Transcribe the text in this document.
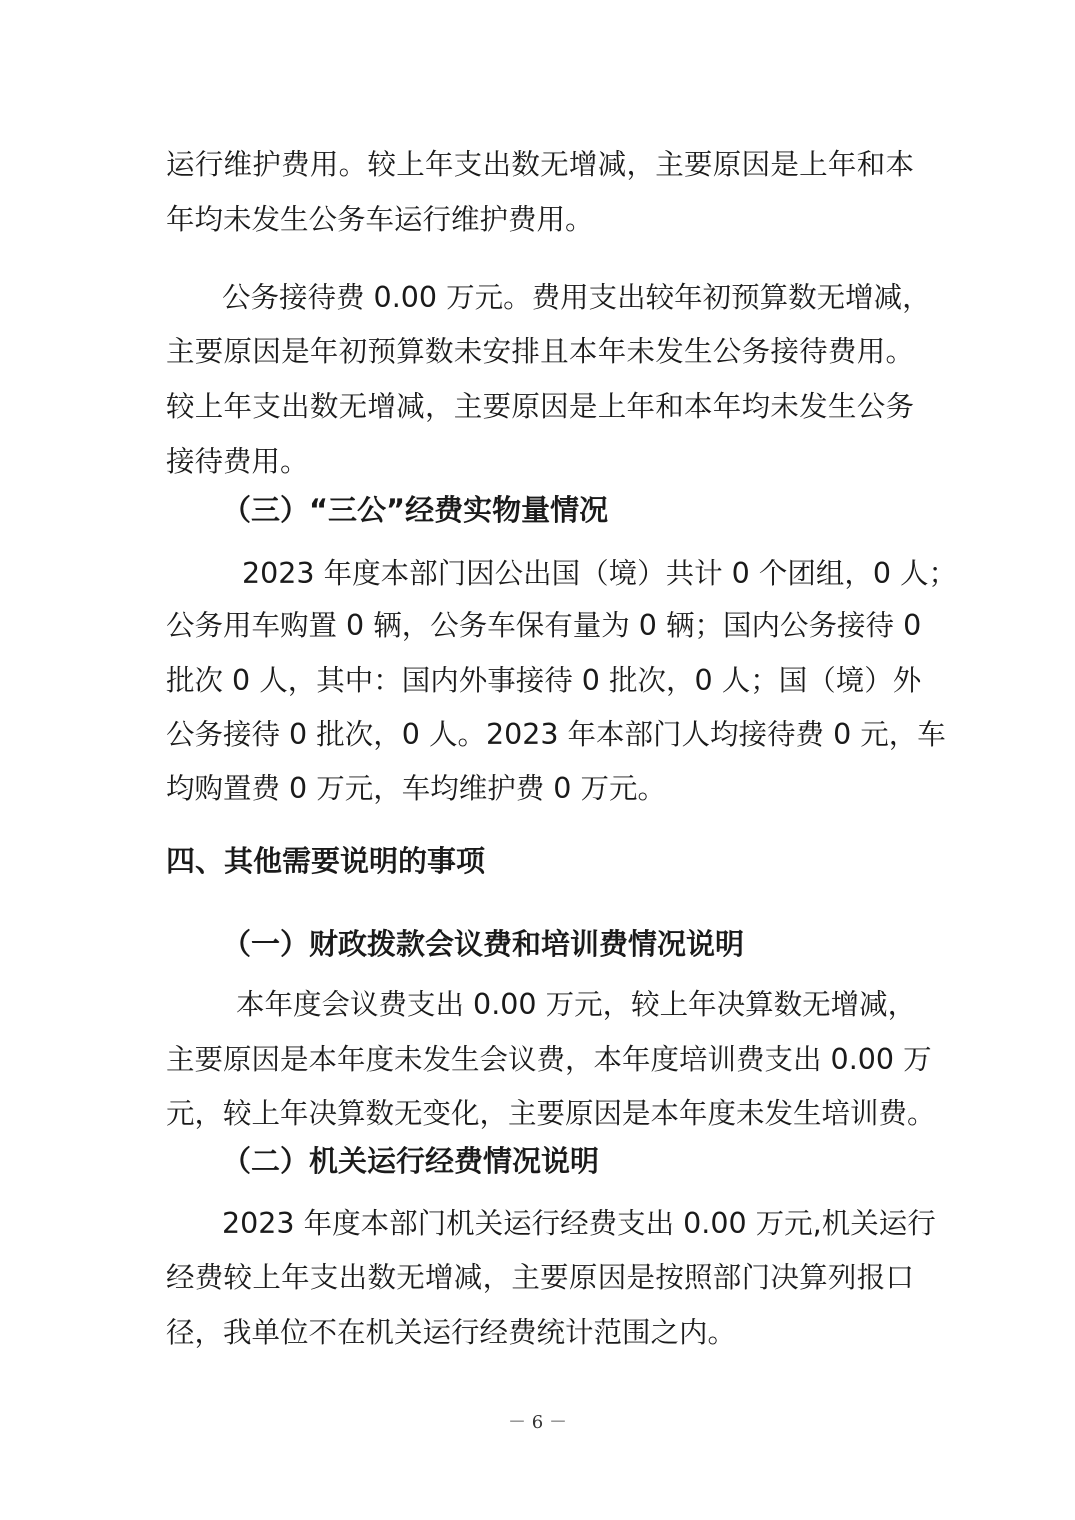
运行维护费用。较上年支出数无增减，主要原因是上年和本
年均未发生公务车运行维护费用。
公务接待费 0.00 万元。费用支出较年初预算数无增减，
主要原因是年初预算数未安排且本年未发生公务接待费用。
较上年支出数无增减，主要原因是上年和本年均未发生公务
接待费用。
（三）“三公”经费实物量情况
2023 年度本部门因公出国（境）共计 0 个团组，0 人；
公务用车购置 0 辆，公务车保有量为 0 辆；国内公务接待 0
批次 0 人，其中：国内外事接待 0 批次，0 人；国（境）外
公务接待 0 批次，0 人。2023 年本部门人均接待费 0 元，车
均购置费 0 万元，车均维护费 0 万元。
四、其他需要说明的事项
（一）财政拨款会议费和培训费情况说明
本年度会议费支出 0.00 万元，较上年决算数无增减，
主要原因是本年度未发生会议费，本年度培训费支出 0.00 万
元，较上年决算数无变化，主要原因是本年度未发生培训费。
（二）机关运行经费情况说明
2023 年度本部门机关运行经费支出 0.00 万元,机关运行
经费较上年支出数无增减，主要原因是按照部门决算列报口
径，我单位不在机关运行经费统计范围之内。
－ 6 －
